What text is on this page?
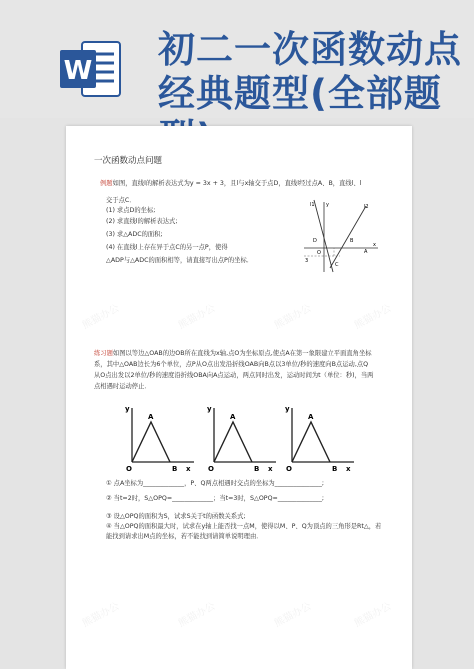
W 初二一次函数动点
经典题型(全部题
一次函数动点问题
例题如图，直线l的解析表达式为y = 3x + 3，且l与x轴交于点D，直线l经过点A、B，直线l、l
交于点C．
(1) 求点D的坐标;
(2) 求直线l的解析表达式;
(3) 求△ADC的面积;
(4) 在直线l上存在异于点C的另一点P，使得
△ADP与△ADC的面积相等，请直接写出点P的坐标．
y
l1	l2
D
O
3
B
A
C
x
练习题如图以等边△OAB的边OB所在直线为x轴,点O为坐标原点,使点A在第一象限建立平面直角坐标
系，其中△OAB边长为6个单位，点P从O点出发沿折线OAB向B点以3单位/秒的速度向B点运动,点Q
从O点出发以2单位/秒的速度沿折线OBA向A点运动，两点同时出发，运动时间为t（单位：秒)，当两
点相遇时运动停止．
y
A
O	B x
y
A
O	B x
y
A
O	B x
① 点A坐标为_____________，P、Q两点相遇时交点的坐标为_______________;
② 当t=2时，S△OPQ=_____________；当t=3时，S△OPQ=______________;
③ 设△OPQ的面积为S，试求S关于t的函数关系式;
④ 当△OPQ的面积最大时，试求在y轴上能否找一点M，使得以M、P、Q为顶点的三角形是Rt△，若
能找到请求出M点的坐标，若不能找到请简单说明理由．
熊猫办公	熊猫办公	熊猫办公	熊猫办公
熊猫办公	熊猫办公	熊猫办公	熊猫办公
